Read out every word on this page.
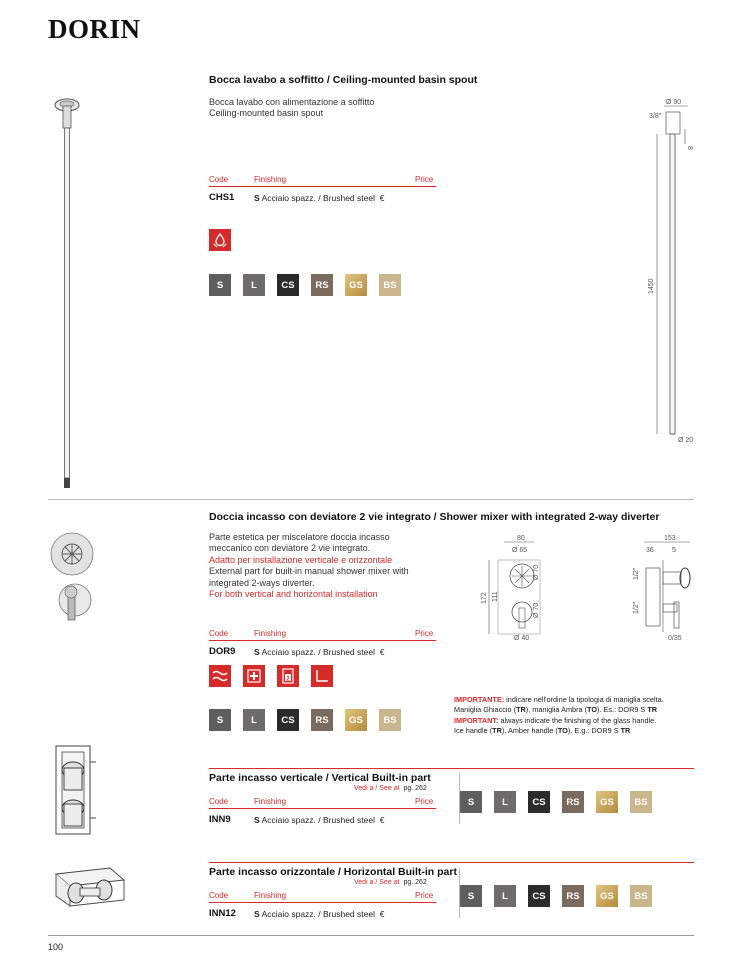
DORIN
Bocca lavabo a soffitto / Ceiling-mounted basin spout
Bocca lavabo con alimentazione a soffitto
Ceiling-mounted basin spout
Code	Finishing	Price
CHS1 S Acciaio spazz. / Brushed steel €
S	L	CS	RS	GS	BS
Ø 90
3/8"
8
1450
Ø 20
Doccia incasso con deviatore 2 vie integrato / Shower mixer with integrated 2-way diverter
Parte estetica per miscelatore doccia incasso
meccanico con deviatore 2 vie integrato.
Adatto per installazione verticale e orizzontale
External part for built-in manual shower mixer with
integrated 2-ways diverter.
For both vertical and horizontal installation
Code	Finishing	Price
DOR9 S Acciaio spazz. / Brushed steel €
2
S	L	CS	RS	GS	BS
80
Ø 65
Ø 70
Ø 70
172 111
Ø 40
153
36	5
1/2"
1/2"
0/35
IMPORTANTE: indicare nell'ordine la tipologia di maniglia scelta.
Maniglia Ghiaccio (TR), maniglia Ambra (TO). Es.: DOR9 S TR
IMPORTANT: always indicate the finishing of the glass handle.
Ice handle (TR), Amber handle (TO). E.g.: DOR9 S TR
Parte incasso verticale / Vertical Built-in part
Vedi a / See at pg. 262
Code	Finishing	Price
INN9	S Acciaio spazz. / Brushed steel €
S	L	CS	RS	GS	BS
Parte incasso orizzontale / Horizontal Built-in part
Vedi a / See at pg. 262
Code	Finishing	Price
INN12 S Acciaio spazz. / Brushed steel €
S	L	CS	RS	GS	BS
100
